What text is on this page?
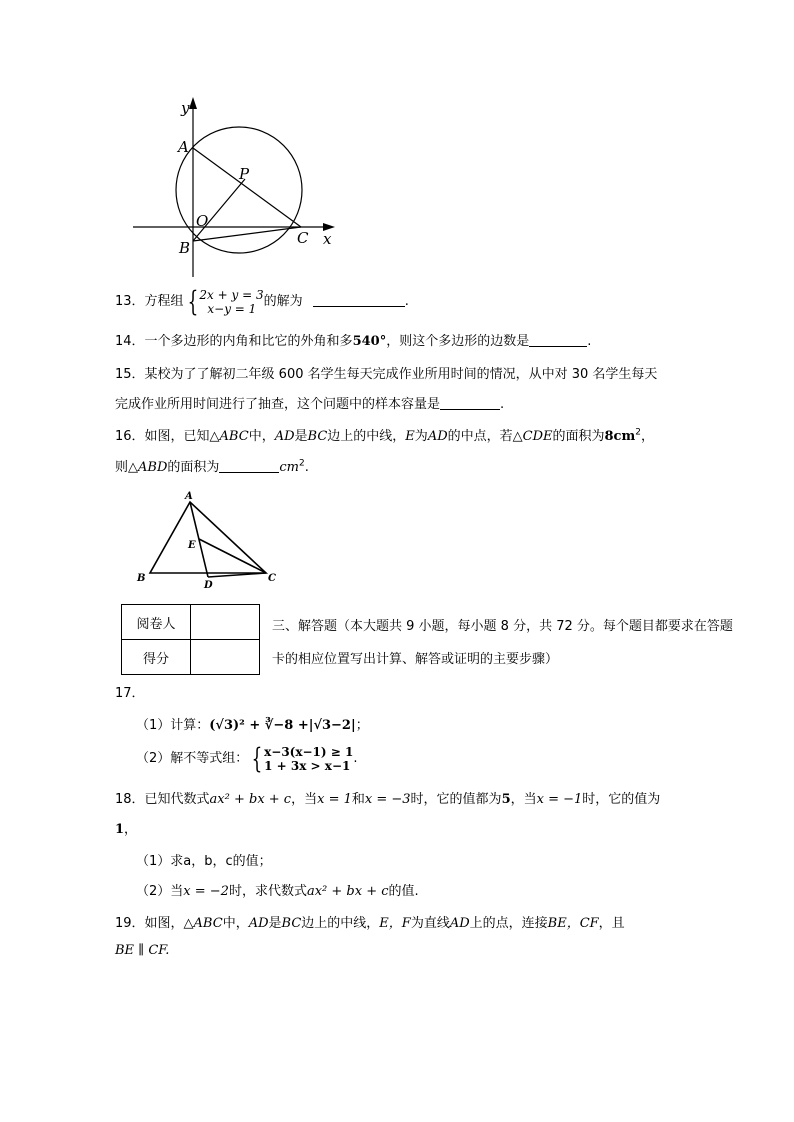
y
x
A
P
O
B
C
13．方程组 { 2x + y = 3
x−y = 1 的解为	.
14．一个多边形的内角和比它的外角和多540°，则这个多边形的边数是	.
15．某校为了了解初二年级 600 名学生每天完成作业所用时间的情况，从中对 30 名学生每天
完成作业所用时间进行了抽查，这个问题中的样本容量是	.
16．如图，已知△ABC中，AD是BC边上的中线，E为AD的中点，若△CDE的面积为$8cm^2$，
则△ABD的面积为	$cm^2$.
A
E
B
D
C
阅卷人	
得分	
三、解答题（本大题共 9 小题，每小题 8 分，共 72 分。每个题目都要求在答题
卡的相应位置写出计算、解答或证明的主要步骤）
17．
（1）计算：(√3)² + ∛−8 +|√3−2|；
（2）解不等式组： { x−3(x−1) ≥ 1
1 + 3x > x−1 .
18．已知代数式ax² + bx + c，当x = 1和x = −3时，它的值都为5，当x = −1时，它的值为
1，
（1）求a，b，c的值；
（2）当x = −2时，求代数式ax² + bx + c的值.
19．如图，△ABC中，AD是BC边上的中线，E，F为直线AD上的点，连接BE，CF，且
BE ∥ CF.
